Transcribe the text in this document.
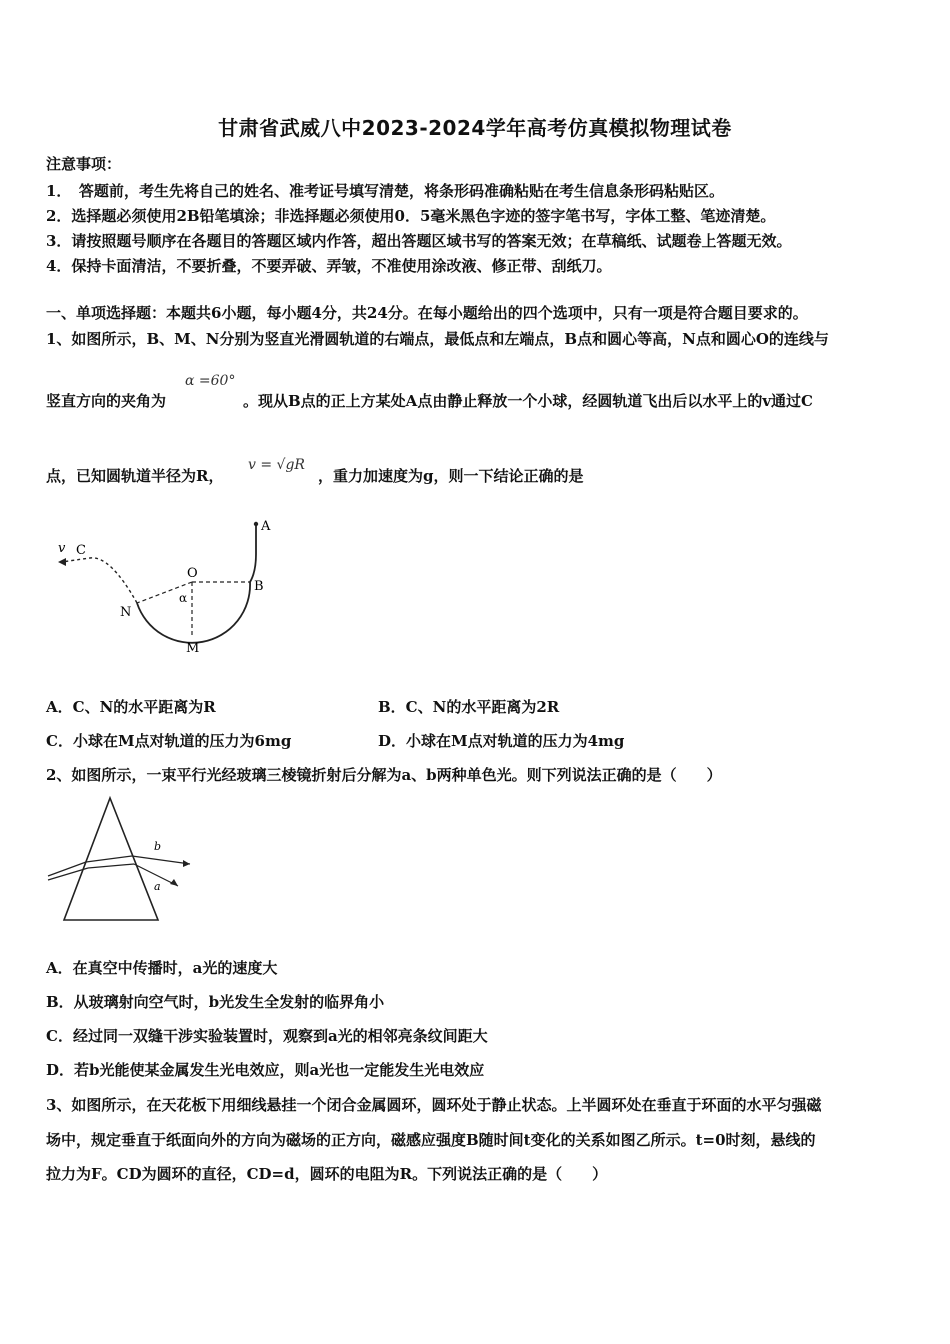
甘肃省武威八中2023-2024学年高考仿真模拟物理试卷
注意事项：
1．　答题前，考生先将自己的姓名、准考证号填写清楚，将条形码准确粘贴在考生信息条形码粘贴区。
2．选择题必须使用2B铅笔填涂；非选择题必须使用0．5毫米黑色字迹的签字笔书写，字体工整、笔迹清楚。
3．请按照题号顺序在各题目的答题区域内作答，超出答题区域书写的答案无效；在草稿纸、试题卷上答题无效。
4．保持卡面清洁，不要折叠，不要弄破、弄皱，不准使用涂改液、修正带、刮纸刀。
一、单项选择题：本题共6小题，每小题4分，共24分。在每小题给出的四个选项中，只有一项是符合题目要求的。
1、如图所示，B、M、N分别为竖直光滑圆轨道的右端点，最低点和左端点，B点和圆心等高，N点和圆心O的连线与
竖直方向的夹角为
α =60°
。现从B点的正上方某处A点由静止释放一个小球，经圆轨道飞出后以水平上的v通过C
点，已知圆轨道半径为R，
v = √gR
，重力加速度为g，则一下结论正确的是
v C
O
α
N
B
M
A
A．C、N的水平距离为R	B．C、N的水平距离为2R
C．小球在M点对轨道的压力为6mg	D．小球在M点对轨道的压力为4mg
2、如图所示，一束平行光经玻璃三棱镜折射后分解为a、b两种单色光。则下列说法正确的是（　　）
b
a
A．在真空中传播时，a光的速度大
B．从玻璃射向空气时，b光发生全发射的临界角小
C．经过同一双缝干涉实验装置时，观察到a光的相邻亮条纹间距大
D．若b光能使某金属发生光电效应，则a光也一定能发生光电效应
3、如图所示，在天花板下用细线悬挂一个闭合金属圆环，圆环处于静止状态。上半圆环处在垂直于环面的水平匀强磁
场中，规定垂直于纸面向外的方向为磁场的正方向，磁感应强度B随时间t变化的关系如图乙所示。t=0时刻，悬线的
拉力为F。CD为圆环的直径，CD=d，圆环的电阻为R。下列说法正确的是（　　）
